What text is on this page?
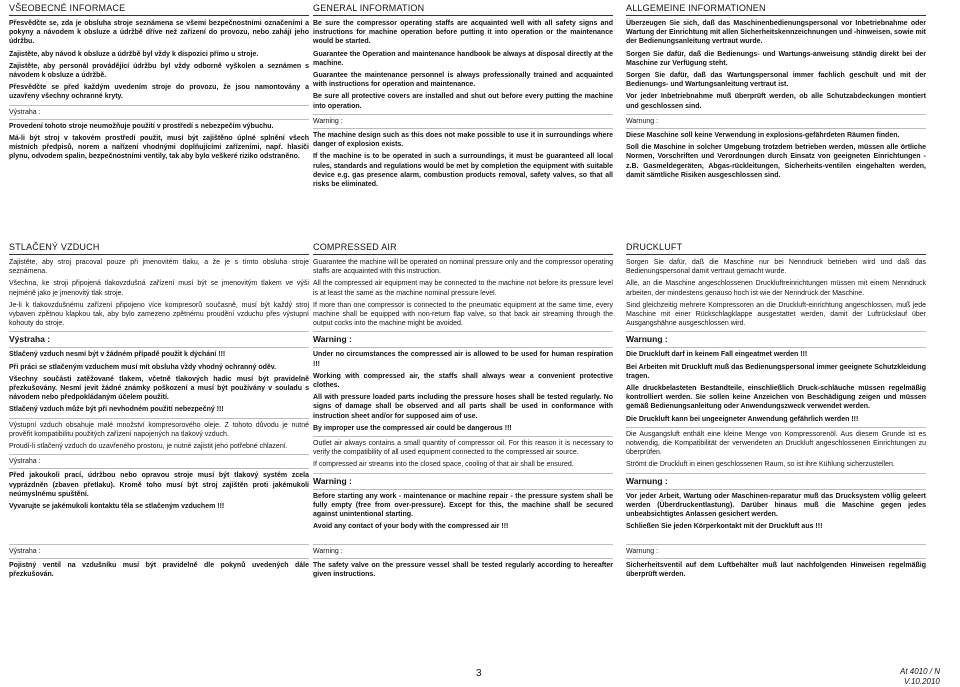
VŠEOBECNÉ INFORMACE

Přesvědčte se, zda je obsluha stroje seznámena se všemi bezpečnostními označeními a pokyny a návodem k obsluze a údržbě dříve než zařízení do provozu, nebo zahájí jeho údržbu.

Zajistěte, aby návod k obsluze a údržbě byl vždy k dispozici přímo u stroje.

Zajistěte, aby personál provádějící údržbu byl vždy odborně vyškolen a seznámen s návodem k obsluze a údržbě.

Přesvědčte se před každým uvedením stroje do provozu, že jsou namontovány a uzavřeny všechny ochranné kryty.

Výstraha :

Provedení tohoto stroje neumožňuje použití v prostředí s nebezpečím výbuchu.

Má-li být stroj v takovém prostředí použit, musí být zajištěno úplné splnění všech místních předpisů, norem a nařízení vhodnými doplňujícími zařízeními, např. hlasiči plynu, odvodem spalin, bezpečnostními ventily, tak aby bylo veškeré riziko odstraněno.

STLAČENÝ VZDUCH

Zajistěte, aby stroj pracoval pouze při jmenovitém tlaku, a že je s tímto obsluha stroje seznámena.

Všechna, ke stroji připojená tlakovzdušná zařízení musí být se jmenovitým tlakem ve výši nejméně jako je jmenovitý tlak stroje.

Je-li k tlakovzdušnému zařízení připojeno více kompresorů současně, musí být každý stroj vybaven zpětnou klapkou tak, aby bylo zamezeno zpětnému proudění vzduchu přes výstupní kohouty do stroje.

Výstraha :

Stlačený vzduch nesmí být v žádném případě použit k dýchání !!!

Při práci se stlačeným vzduchem musí mít obsluha vždy vhodný ochranný oděv.

Všechny součásti zatěžované tlakem, včetně tlakových hadic musí být pravidelně přezkušovány. Nesmí jevit žádné známky poškození a musí být používány v souladu s návodem nebo předpokládaným účelem použití.

Stlačený vzduch může být při nevhodném použití nebezpečný !!!

Výstupní vzduch obsahuje malé množství kompresorového oleje. Z tohoto důvodu je nutné prověřit kompatibilitu použitých zařízení napojených na tlakový vzduch.

Proudí-li stlačený vzduch do uzavřeného prostoru, je nutné zajistit jeho potřebné chlazení.

Výstraha :

Před jakoukoli prací, údržbou nebo opravou stroje musí být tlakový systém zcela vyprázdněn (zbaven přetlaku). Kromě toho musí být stroj zajištěn proti jakémukoli neúmyslnému spuštění.

Vyvarujte se jakémukoli kontaktu těla se stlačeným vzduchem !!!

Výstraha :

Pojistný ventil na vzdušníku musí být pravidelně dle pokynů uvedených dále přezkušován.

GENERAL INFORMATION

Be sure the compressor operating staffs are acquainted well with all safety signs and instructions for machine operation before putting it into operation or the maintenance would be started.

Guarantee the Operation and maintenance handbook be always at disposal directly at the machine.

Guarantee the maintenance personnel is always professionally trained and acquainted with instructions for operation and maintenance.

Be sure all protective covers are installed and shut out before every putting the machine into operation.

Warning :

The machine design such as this does not make possible to use it in surroundings where danger of explosion exists.

If the machine is to be operated in such a surroundings, it must be guaranteed all local rules, standards and regulations would be met by completion the equipment with suitable device e.g. gas presence alarm, combustion products removal, safety valves, so that all risks be eliminated.

COMPRESSED AIR

Guarantee the machine will be operated on nominal pressure only and the compressor operating staffs are acquainted with this instruction.

All the compressed air equipment may be connected to the machine not before its pressure level is at least the same as the machine nominal pressure level.

If more than one compressor is connected to the pneumatic equipment at the same time, every machine shall be equipped with non-return flap valve, so that back air streaming through the output cocks into the machine might be avoided.

Warning :

Under no circumstances the compressed air is allowed to be used for human respiration !!!

Working with compressed air, the staffs shall always wear a convenient protective clothes.

All with pressure loaded parts including the pressure hoses shall be tested regularly. No signs of damage shall be observed and all parts shall be used in conformance with instruction sheet and/or for supposed aim of use.

By improper use the compressed air could be dangerous !!!

Outlet air always contains a small quantity of compressor oil. For this reason it is necessary to verify the compatibility of all used equipment connected to the compressed air source.

If compressed air streams into the closed space, cooling of that air shall be ensured.

Warning :

Before starting any work - maintenance or machine repair - the pressure system shall be fully empty (free from over-pressure). Except for this, the machine shall be secured against unintentional starting.

Avoid any contact of your body with the compressed air !!!

Warning :

The safety valve on the pressure vessel shall be tested regularly according to hereafter given instructions.

ALLGEMEINE INFORMATIONEN

Überzeugen Sie sich, daß das Maschinenbedienungspersonal vor Inbetriebnahme oder Wartung der Einrichtung mit allen Sicherheitskennzeichnungen und -hinweisen, sowie mit der Bedienungsanleitung vertraut wurde.

Sorgen Sie dafür, daß die Bedienungs- und Wartungs-anweisung ständig direkt bei der Maschine zur Verfügung steht.

Sorgen Sie dafür, daß das Wartungspersonal immer fachlich geschult und mit der Bedienungs- und Wartungsanleitung vertraut ist.

Vor jeder Inbetriebnahme muß überprüft werden, ob alle Schutzabdeckungen montiert und geschlossen sind.

Warnung :

Diese Maschine soll keine Verwendung in explosions-gefährdeten Räumen finden.

Soll die Maschine in solcher Umgebung trotzdem betrieben werden, müssen alle örtliche Normen, Vorschriften und Verordnungen durch Einsatz von geeigneten Einrichtungen - z.B. Gasmeldegeräten, Abgas-rückleitungen, Sicherheits-ventilen eingehalten werden, damit sämtliche Risiken ausgeschlossen sind.

DRUCKLUFT

Sorgen Sie dafür, daß die Maschine nur bei Nenndruck betrieben wird und daß das Bedienungspersonal damit vertraut gemacht wurde.

Alle, an die Maschine angeschlossenen Druckluftreinrichtungen müssen mit einem Nenndruck arbeiten, der mindestens genauso hoch ist wie der Nenndruck der Maschine.

Sind gleichzeitig mehrere Kompressoren an die Druckluft-einrichtung angeschlossen, muß jede Maschine mit einer Rückschlagklappe ausgestattet werden, damit der Luftrückslauf über Ausgangshähne ausgeschlossen wird.

Warnung :

Die Druckluft darf in keinem Fall eingeatmet werden !!!

Bei Arbeiten mit Druckluft muß das Bedienungspersonal immer geeignete Schutzkleidung tragen.

Alle druckbelasteten Bestandteile, einschließlich Druck-schläuche müssen regelmäßig kontrolliert werden. Sie sollen keine Anzeichen von Beschädigung zeigen und müssen gemäß Bedienungsanleitung oder Anwendungszweck verwendet werden.

Die Druckluft kann bei ungeeigneter Anwendung gefährlich werden !!!

Die Ausgangsluft enthält eine kleine Menge von Kompressorenöl. Aus diesem Grunde ist es notwendig, die Kompatibilität der verwendeten an Druckluft angeschlossenen Einrichtungen zu überprüfen.

Strömt die Druckluft in einen geschlossenen Raum, so ist ihre Kühlung sicherzustellen.

Warnung :

Vor jeder Arbeit, Wartung oder Maschinen-reparatur muß das Drucksystem völlig geleert werden (Überdruckentlastung). Darüber hinaus muß die Maschine gegen jedes unbeabsichtigtes Anlassen gesichert werden.

Schließen Sie jeden Körperkontakt mit der Druckluft aus !!!

Warnung :

Sicherheitsventil auf dem Luftbehälter muß laut nachfolgenden Hinweisen regelmäßig überprüft werden.

3	At 4010 / N
V.10.2010
